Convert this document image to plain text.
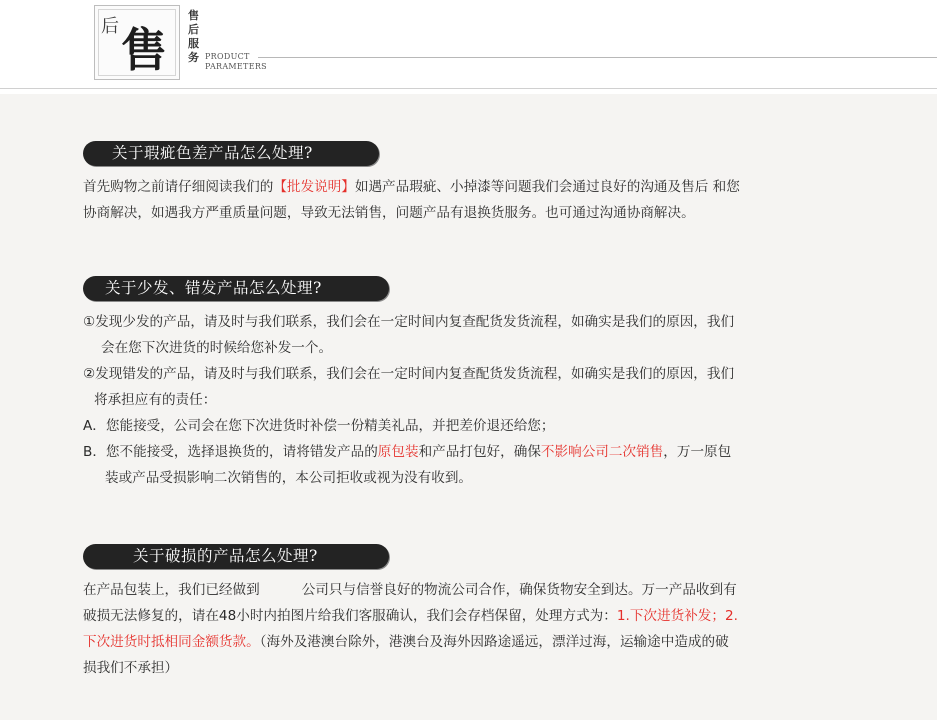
后 售
售后服务 PRODUCT
PARAMETERS
关于瑕疵色差产品怎么处理?

首先购物之前请仔细阅读我们的【批发说明】如遇产品瑕疵、小掉漆等问题我们会通过良好的沟通及售后 和您

协商解决，如遇我方严重质量问题，导致无法销售，问题产品有退换货服务。也可通过沟通协商解决。

关于少发、错发产品怎么处理?

①发现少发的产品，请及时与我们联系，我们会在一定时间内复查配货发货流程，如确实是我们的原因，我们

会在您下次进货的时候给您补发一个。

②发现错发的产品，请及时与我们联系，我们会在一定时间内复查配货发货流程，如确实是我们的原因，我们

将承担应有的责任：

A．您能接受，公司会在您下次进货时补偿一份精美礼品，并把差价退还给您；

B．您不能接受，选择退换货的，请将错发产品的原包装和产品打包好，确保不影响公司二次销售，万一原包

装或产品受损影响二次销售的，本公司拒收或视为没有收到。

关于破损的产品怎么处理?

在产品包装上，我们已经做到	公司只与信誉良好的物流公司合作，确保货物安全到达。万一产品收到有

破损无法修复的，请在48小时内拍图片给我们客服确认，我们会存档保留，处理方式为：1.下次进货补发；2.

下次进货时抵相同金额货款。（海外及港澳台除外，港澳台及海外因路途遥远，漂洋过海，运输途中造成的破

损我们不承担）
